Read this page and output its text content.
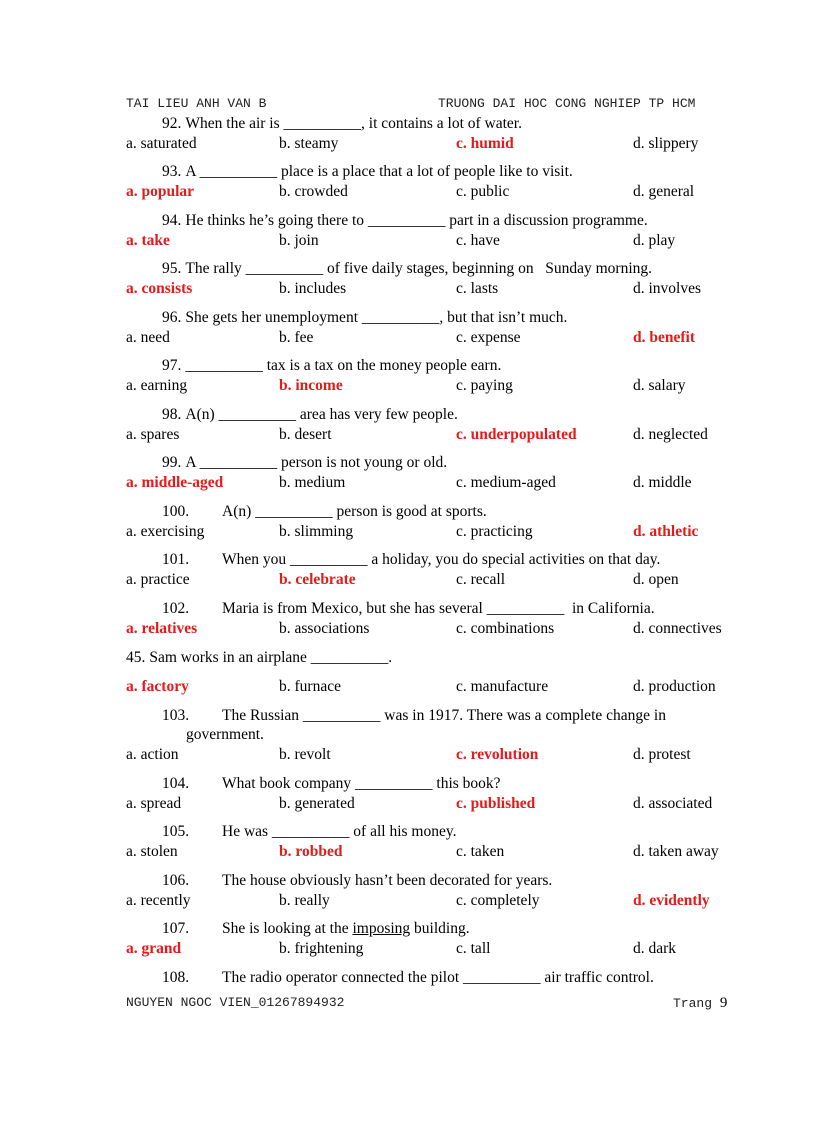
TAI LIEU ANH VAN B	TRUONG DAI HOC CONG NGHIEP TP HCM
92. When the air is __________, it contains a lot of water.
a. saturated	b. steamy	c. humid	d. slippery
93. A __________ place is a place that a lot of people like to visit.
a. popular	b. crowded	c. public	d. general
94. He thinks he’s going there to __________ part in a discussion programme.
a. take	b. join	c. have	d. play
95. The rally __________ of five daily stages, beginning on   Sunday morning.
a. consists	b. includes	c. lasts	d. involves
96. She gets her unemployment __________, but that isn’t much.
a. need	b. fee	c. expense	d. benefit
97. __________ tax is a tax on the money people earn.
a. earning	b. income	c. paying	d. salary
98. A(n) __________ area has very few people.
a. spares	b. desert	c. underpopulated	d. neglected
99. A __________ person is not young or old.
a. middle-aged	b. medium	c. medium-aged	d. middle
100. A(n) __________ person is good at sports.
a. exercising	b. slimming	c. practicing	d. athletic
101. When you __________ a holiday, you do special activities on that day.
a. practice	b. celebrate	c. recall	d. open
102. Maria is from Mexico, but she has several __________  in California.
a. relatives	b. associations	c. combinations	d. connectives
45. Sam works in an airplane __________.
a. factory	b. furnace	c. manufacture	d. production
103. The Russian __________ was in 1917. There was a complete change in
government.
a. action	b. revolt	c. revolution	d. protest
104. What book company __________ this book?
a. spread	b. generated	c. published	d. associated
105. He was __________ of all his money.
a. stolen	b. robbed	c. taken	d. taken away
106. The house obviously hasn’t been decorated for years.
a. recently	b. really	c. completely	d. evidently
107. She is looking at the imposing building.
a. grand	b. frightening	c. tall	d. dark
108. The radio operator connected the pilot __________ air traffic control.
NGUYEN NGOC VIEN_01267894932	Trang 9
